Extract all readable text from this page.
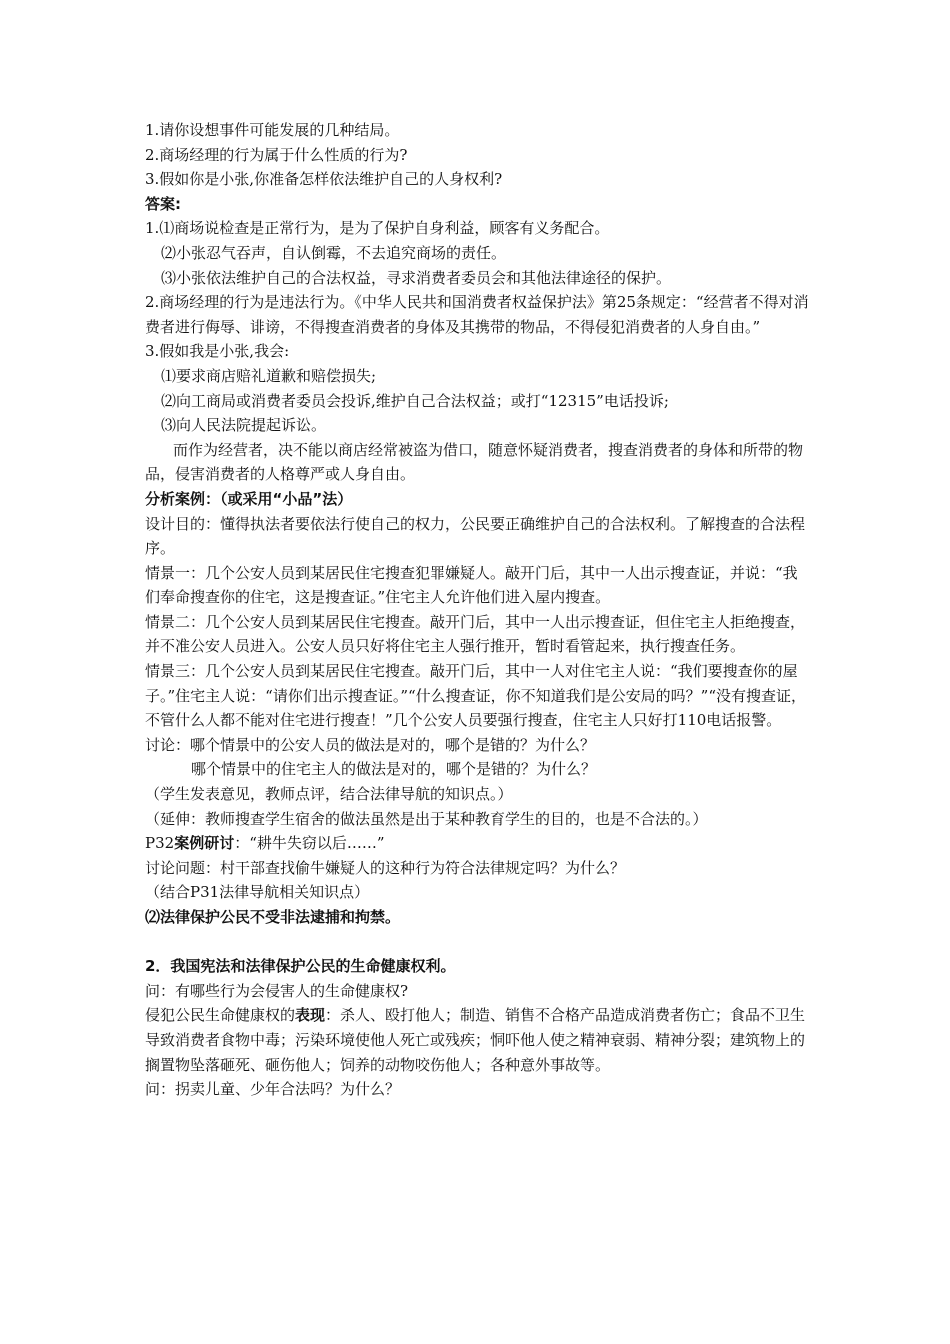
1.请你设想事件可能发展的几种结局。
2.商场经理的行为属于什么性质的行为?
3.假如你是小张,你准备怎样依法维护自己的人身权利?
答案:
1.⑴商场说检查是正常行为，是为了保护自身利益，顾客有义务配合。
⑵小张忍气吞声，自认倒霉，不去追究商场的责任。
⑶小张依法维护自己的合法权益，寻求消费者委员会和其他法律途径的保护。
2.商场经理的行为是违法行为。《中华人民共和国消费者权益保护法》第25条规定：“经营者不得对消费者进行侮辱、诽谤，不得搜查消费者的身体及其携带的物品，不得侵犯消费者的人身自由。”
3.假如我是小张,我会:
⑴要求商店赔礼道歉和赔偿损失;
⑵向工商局或消费者委员会投诉,维护自己合法权益；或打“12315”电话投诉;
⑶向人民法院提起诉讼。
而作为经营者，决不能以商店经常被盗为借口，随意怀疑消费者，搜查消费者的身体和所带的物品，侵害消费者的人格尊严或人身自由。
分析案例：（或采用“小品”法）
设计目的：懂得执法者要依法行使自己的权力，公民要正确维护自己的合法权利。了解搜查的合法程序。
情景一：几个公安人员到某居民住宅搜查犯罪嫌疑人。敲开门后，其中一人出示搜查证，并说：“我们奉命搜查你的住宅，这是搜查证。”住宅主人允许他们进入屋内搜查。
情景二：几个公安人员到某居民住宅搜查。敲开门后，其中一人出示搜查证，但住宅主人拒绝搜查，并不准公安人员进入。公安人员只好将住宅主人强行推开，暂时看管起来，执行搜查任务。
情景三：几个公安人员到某居民住宅搜查。敲开门后，其中一人对住宅主人说：“我们要搜查你的屋子。”住宅主人说：“请你们出示搜查证。”“什么搜查证，你不知道我们是公安局的吗？”“没有搜查证，不管什么人都不能对住宅进行搜查！”几个公安人员要强行搜查，住宅主人只好打110电话报警。
讨论：哪个情景中的公安人员的做法是对的，哪个是错的？为什么？
哪个情景中的住宅主人的做法是对的，哪个是错的？为什么？
（学生发表意见，教师点评，结合法律导航的知识点。）
（延伸：教师搜查学生宿舍的做法虽然是出于某种教育学生的目的，也是不合法的。）
P32案例研讨：“耕牛失窃以后……”
讨论问题：村干部查找偷牛嫌疑人的这种行为符合法律规定吗？为什么？
（结合P31法律导航相关知识点）
⑵法律保护公民不受非法逮捕和拘禁。
2．我国宪法和法律保护公民的生命健康权利。
问：有哪些行为会侵害人的生命健康权?
侵犯公民生命健康权的表现：杀人、殴打他人；制造、销售不合格产品造成消费者伤亡；食品不卫生导致消费者食物中毒；污染环境使他人死亡或残疾；恫吓他人使之精神衰弱、精神分裂；建筑物上的搁置物坠落砸死、砸伤他人；饲养的动物咬伤他人；各种意外事故等。
问：拐卖儿童、少年合法吗？为什么？
